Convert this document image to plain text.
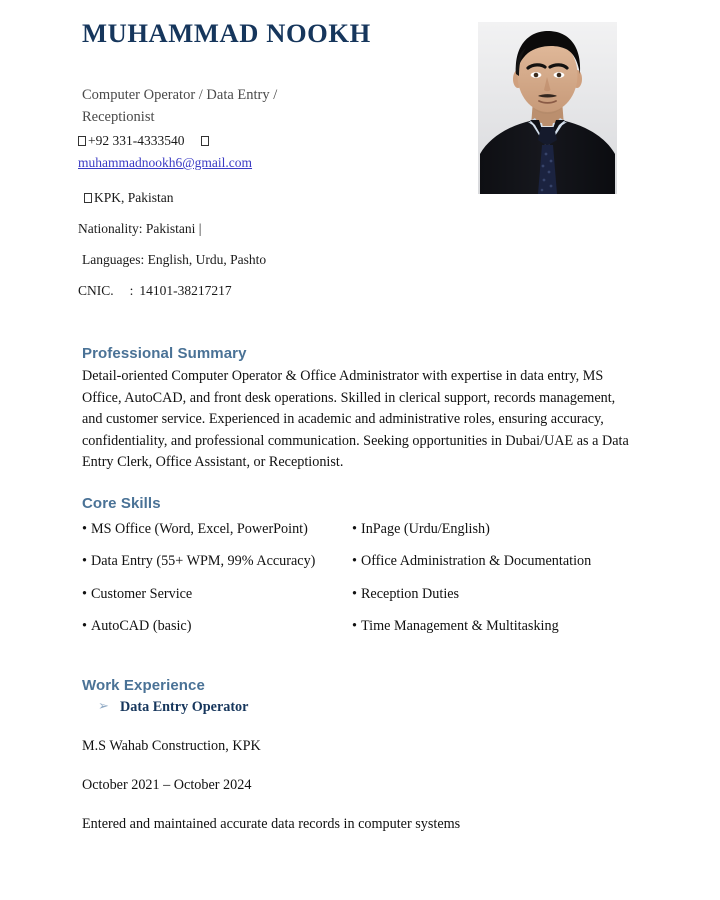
MUHAMMAD NOOKH
Computer Operator / Data Entry / Receptionist
+92 331-4333540
muhammadnookh6@gmail.com
KPK, Pakistan
Nationality: Pakistani |
Languages: English, Urdu, Pashto
CNIC. : 14101-38217217
Professional Summary
Detail-oriented Computer Operator & Office Administrator with expertise in data entry, MS Office, AutoCAD, and front desk operations. Skilled in clerical support, records management, and customer service. Experienced in academic and administrative roles, ensuring accuracy, confidentiality, and professional communication. Seeking opportunities in Dubai/UAE as a Data Entry Clerk, Office Assistant, or Receptionist.
Core Skills
• MS Office (Word, Excel, PowerPoint)	• InPage (Urdu/English)
• Data Entry (55+ WPM, 99% Accuracy)	• Office Administration & Documentation
• Customer Service	• Reception Duties
• AutoCAD (basic)	• Time Management & Multitasking
Work Experience
➢ Data Entry Operator
M.S Wahab Construction, KPK
October 2021 – October 2024
Entered and maintained accurate data records in computer systems
